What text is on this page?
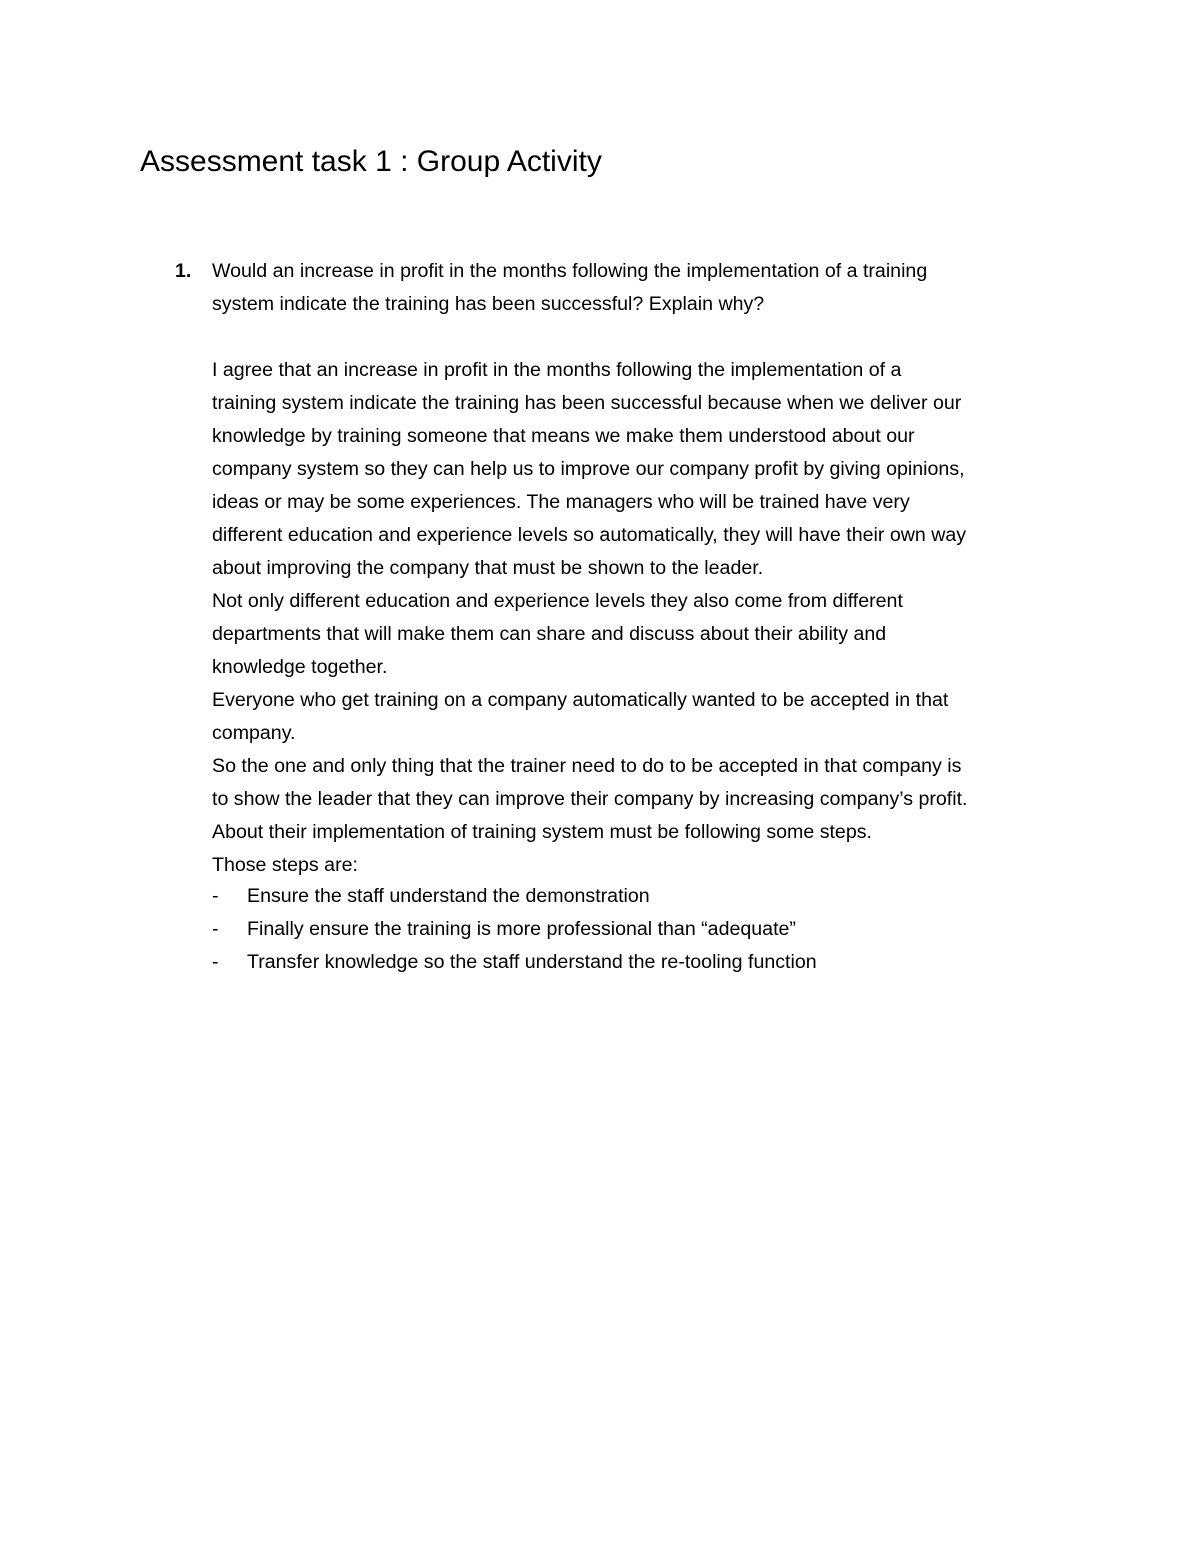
Assessment task 1 : Group Activity
1. Would an increase in profit in the months following the implementation of a training
system indicate the training has been successful? Explain why?
I agree that an increase in profit in the months following the implementation of a
training system indicate the training has been successful because when we deliver our
knowledge by training someone that means we make them understood about our
company system so they can help us to improve our company profit by giving opinions,
ideas or may be some experiences. The managers who will be trained have very
different education and experience levels so automatically, they will have their own way
about improving the company that must be shown to the leader.
Not only different education and experience levels they also come from different
departments that will make them can share and discuss about their ability and
knowledge together.
Everyone who get training on a company automatically wanted to be accepted in that
company.
So the one and only thing that the trainer need to do to be accepted in that company is
to show the leader that they can improve their company by increasing company’s profit.
About their implementation of training system must be following some steps.
Those steps are:
- Ensure the staff understand the demonstration
- Finally ensure the training is more professional than “adequate”
- Transfer knowledge so the staff understand the re-tooling function
